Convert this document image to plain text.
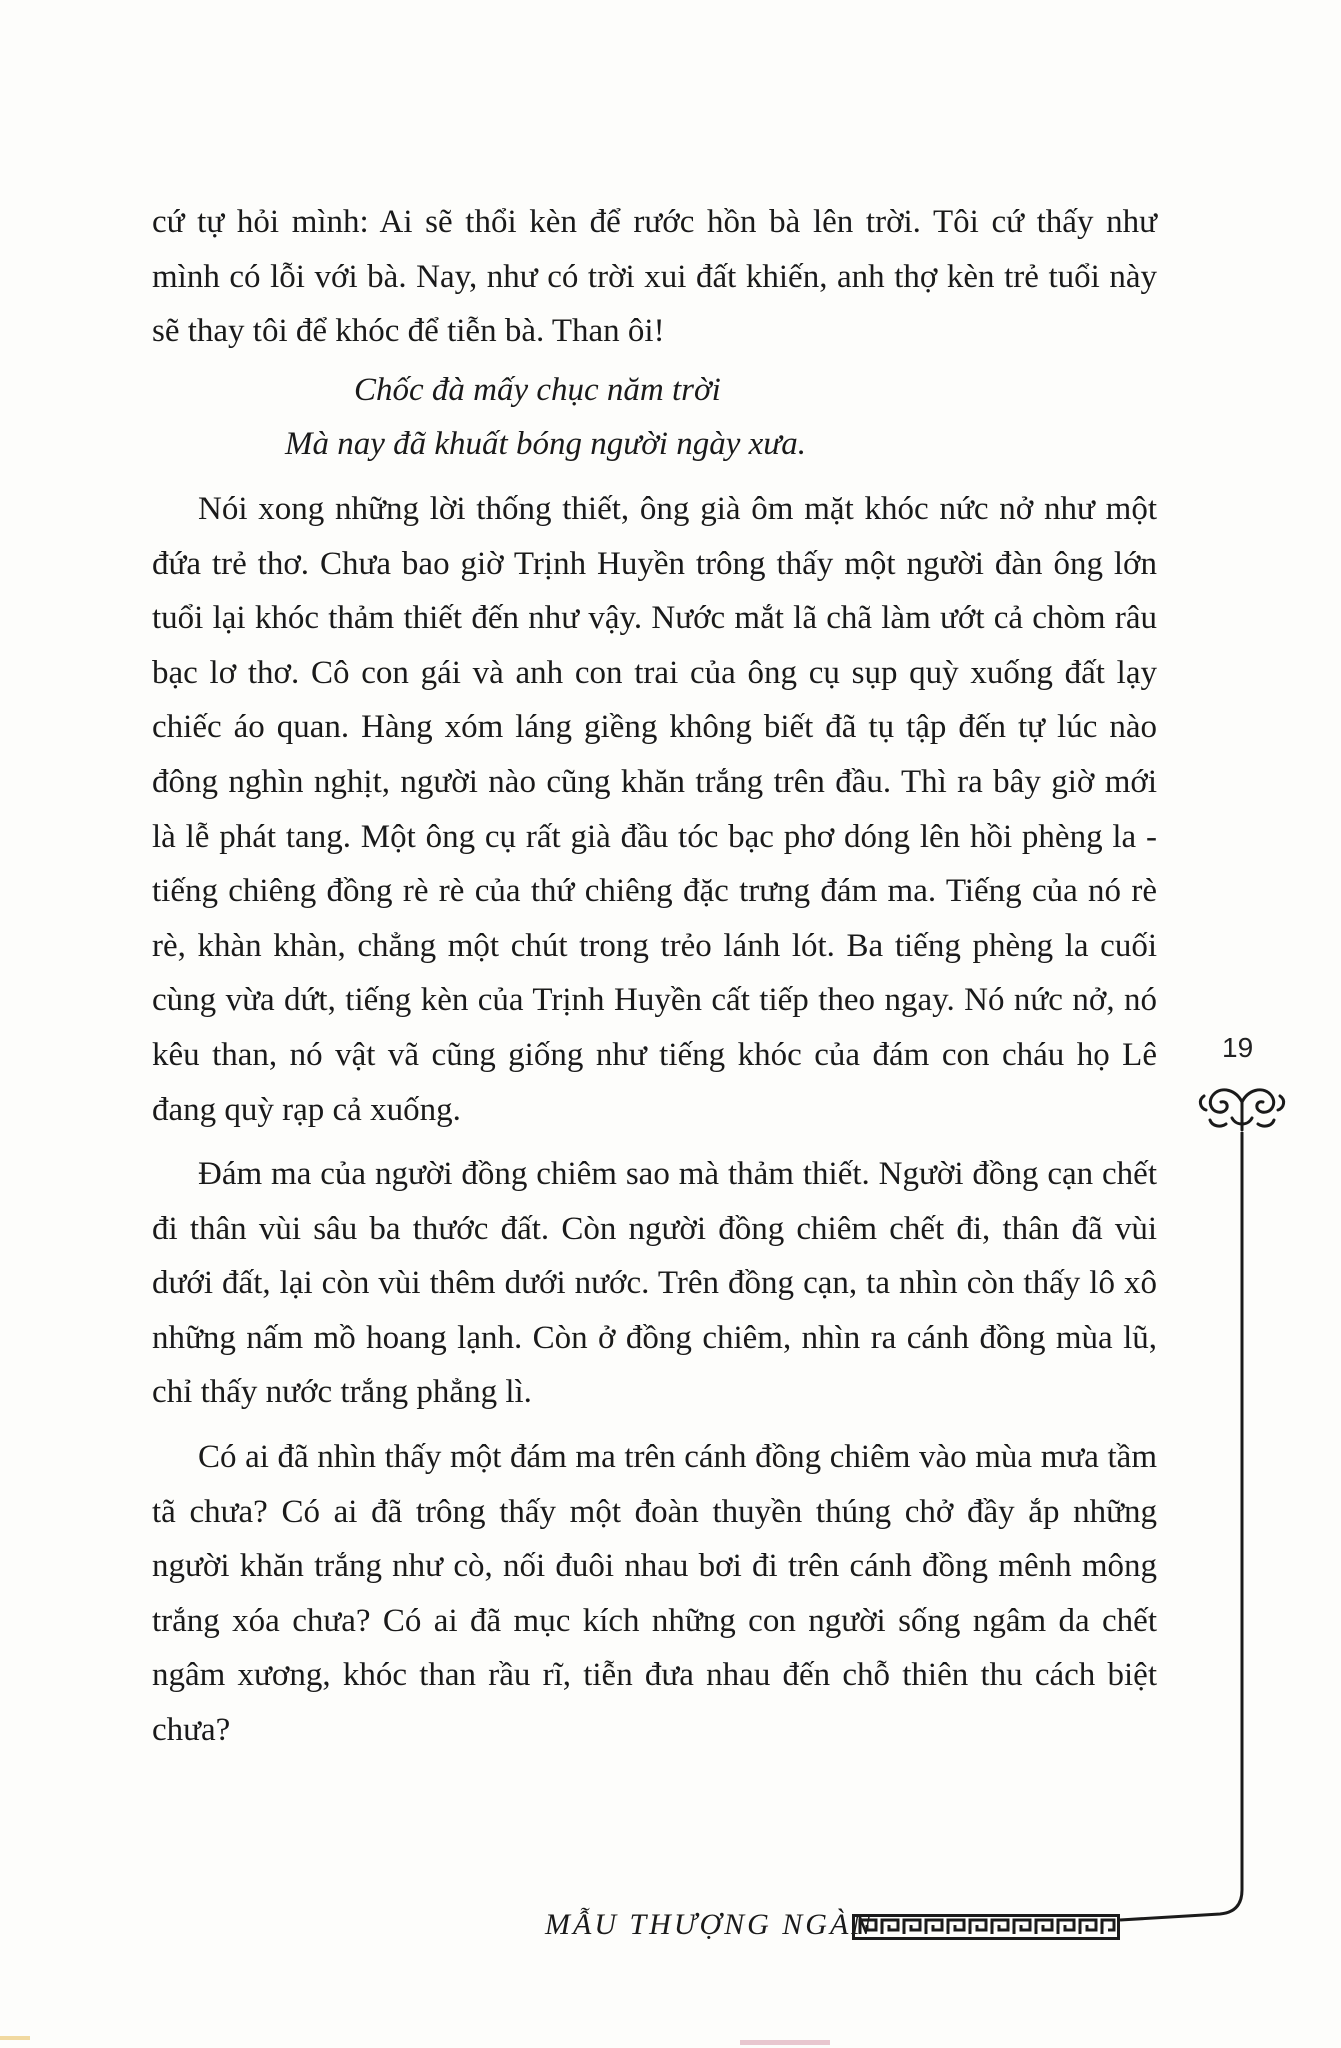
cứ tự hỏi mình: Ai sẽ thổi kèn để rước hồn bà lên trời. Tôi cứ thấy như mình có lỗi với bà. Nay, như có trời xui đất khiến, anh thợ kèn trẻ tuổi này sẽ thay tôi để khóc để tiễn bà. Than ôi!

Chốc đà mấy chục năm trời
Mà nay đã khuất bóng người ngày xưa.

Nói xong những lời thống thiết, ông già ôm mặt khóc nức nở như một đứa trẻ thơ. Chưa bao giờ Trịnh Huyền trông thấy một người đàn ông lớn tuổi lại khóc thảm thiết đến như vậy. Nước mắt lã chã làm ướt cả chòm râu bạc lơ thơ. Cô con gái và anh con trai của ông cụ sụp quỳ xuống đất lạy chiếc áo quan. Hàng xóm láng giềng không biết đã tụ tập đến tự lúc nào đông nghìn nghịt, người nào cũng khăn trắng trên đầu. Thì ra bây giờ mới là lễ phát tang. Một ông cụ rất già đầu tóc bạc phơ dóng lên hồi phèng la - tiếng chiêng đồng rè rè của thứ chiêng đặc trưng đám ma. Tiếng của nó rè rè, khàn khàn, chẳng một chút trong trẻo lánh lót. Ba tiếng phèng la cuối cùng vừa dứt, tiếng kèn của Trịnh Huyền cất tiếp theo ngay. Nó nức nở, nó kêu than, nó vật vã cũng giống như tiếng khóc của đám con cháu họ Lê đang quỳ rạp cả xuống.

Đám ma của người đồng chiêm sao mà thảm thiết. Người đồng cạn chết đi thân vùi sâu ba thước đất. Còn người đồng chiêm chết đi, thân đã vùi dưới đất, lại còn vùi thêm dưới nước. Trên đồng cạn, ta nhìn còn thấy lô xô những nấm mồ hoang lạnh. Còn ở đồng chiêm, nhìn ra cánh đồng mùa lũ, chỉ thấy nước trắng phẳng lì.

Có ai đã nhìn thấy một đám ma trên cánh đồng chiêm vào mùa mưa tầm tã chưa? Có ai đã trông thấy một đoàn thuyền thúng chở đầy ắp những người khăn trắng như cò, nối đuôi nhau bơi đi trên cánh đồng mênh mông trắng xóa chưa? Có ai đã mục kích những con người sống ngâm da chết ngâm xương, khóc than rầu rĩ, tiễn đưa nhau đến chỗ thiên thu cách biệt chưa?

19
MẪU THƯỢNG NGÀN
